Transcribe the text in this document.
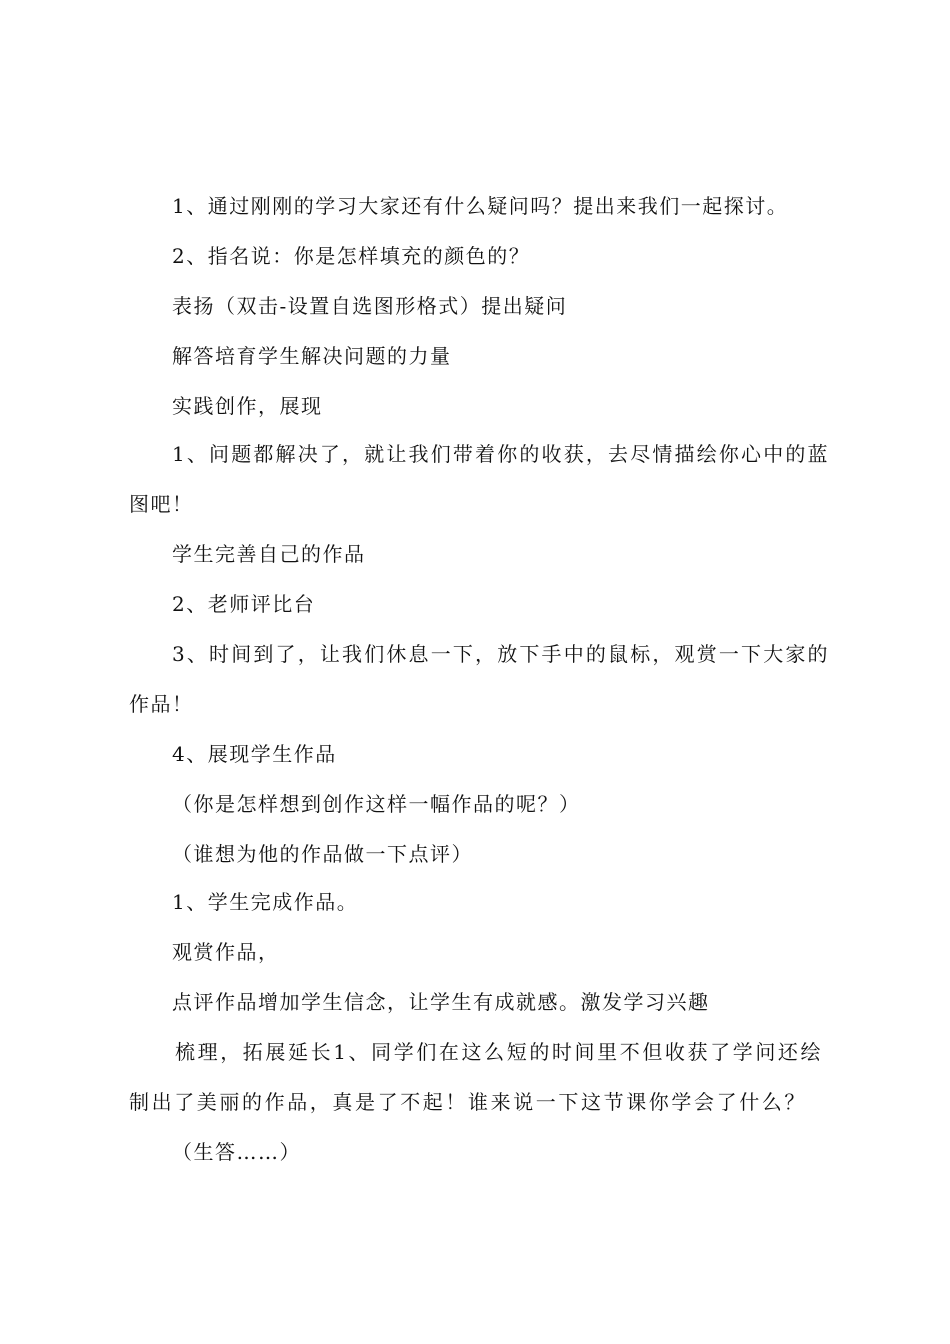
1、通过刚刚的学习大家还有什么疑问吗？提出来我们一起探讨。
2、指名说：你是怎样填充的颜色的？
表扬（双击-设置自选图形格式）提出疑问
解答培育学生解决问题的力量
实践创作，展现
1、问题都解决了，就让我们带着你的收获，去尽情描绘你心中的蓝
图吧！
学生完善自己的作品
2、老师评比台
3、时间到了，让我们休息一下，放下手中的鼠标，观赏一下大家的
作品！
4、展现学生作品
（你是怎样想到创作这样一幅作品的呢？）
（谁想为他的作品做一下点评）
1、学生完成作品。
观赏作品，
点评作品增加学生信念，让学生有成就感。激发学习兴趣
梳理，拓展延长1、同学们在这么短的时间里不但收获了学问还绘
制出了美丽的作品，真是了不起！谁来说一下这节课你学会了什么？
（生答……）
